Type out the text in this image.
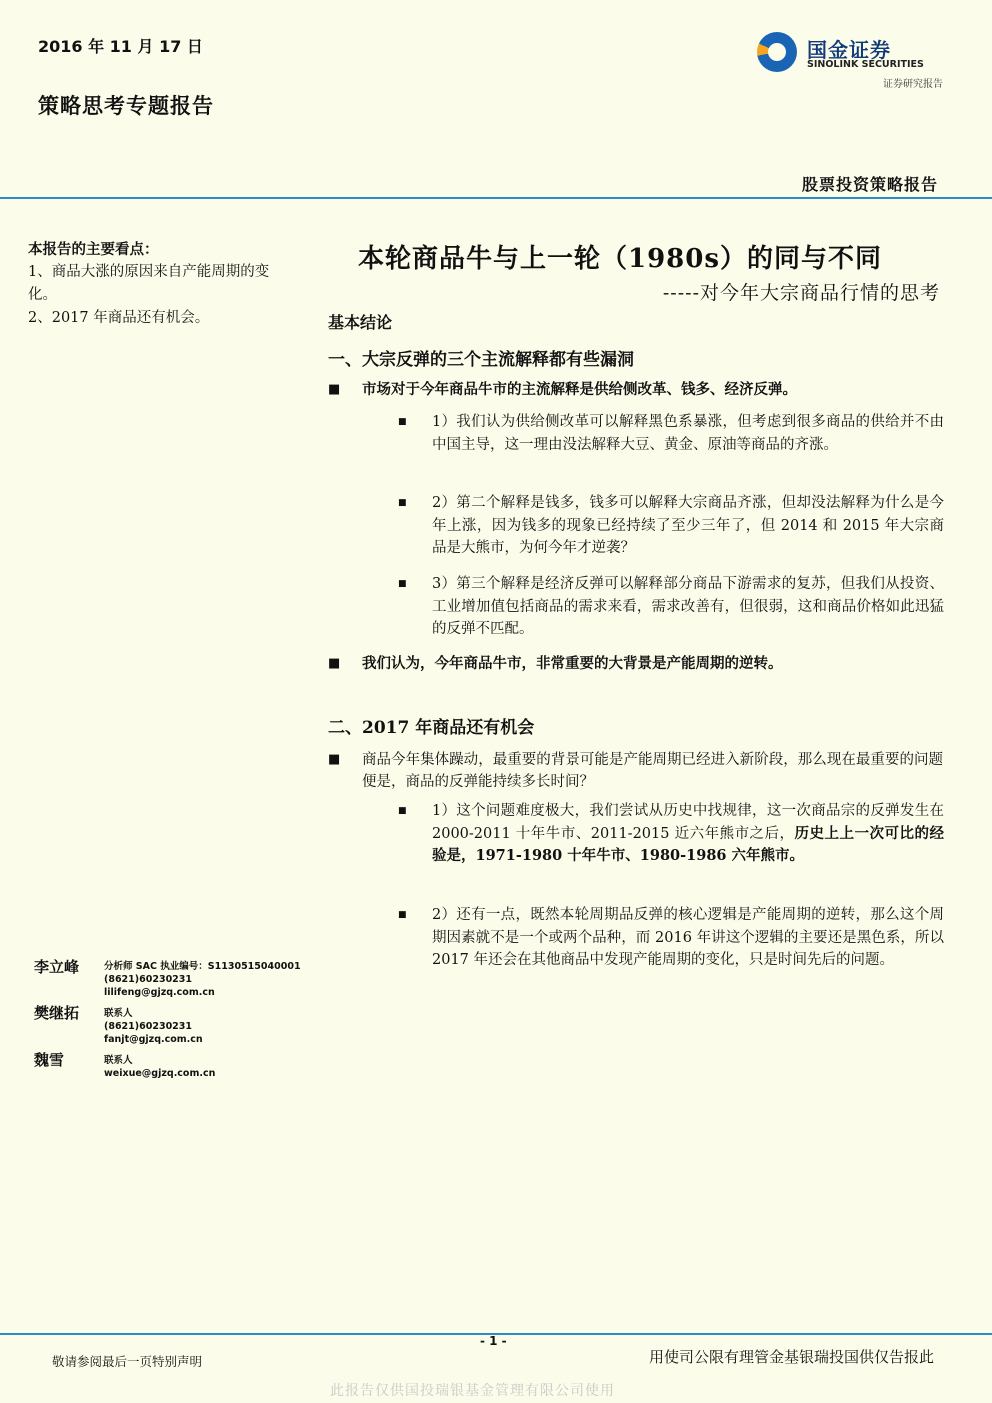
2016 年 11 月 17 日
策略思考专题报告
国金证券
SINOLINK SECURITIES
证券研究报告
股票投资策略报告
本报告的主要看点：
1、商品大涨的原因来自产能周期的变化。
2、2017 年商品还有机会。
本轮商品牛与上一轮（1980s）的同与不同
-----对今年大宗商品行情的思考
基本结论
一、大宗反弹的三个主流解释都有些漏洞
■ 市场对于今年商品牛市的主流解释是供给侧改革、钱多、经济反弹。
■ 1）我们认为供给侧改革可以解释黑色系暴涨，但考虑到很多商品的供给并不由中国主导，这一理由没法解释大豆、黄金、原油等商品的齐涨。
■ 2）第二个解释是钱多，钱多可以解释大宗商品齐涨，但却没法解释为什么是今年上涨，因为钱多的现象已经持续了至少三年了，但 2014 和 2015 年大宗商品是大熊市，为何今年才逆袭？
■ 3）第三个解释是经济反弹可以解释部分商品下游需求的复苏，但我们从投资、工业增加值包括商品的需求来看，需求改善有，但很弱，这和商品价格如此迅猛的反弹不匹配。
■ 我们认为，今年商品牛市，非常重要的大背景是产能周期的逆转。
二、2017 年商品还有机会
■ 商品今年集体躁动，最重要的背景可能是产能周期已经进入新阶段，那么现在最重要的问题便是，商品的反弹能持续多长时间？
■ 1）这个问题难度极大，我们尝试从历史中找规律，这一次商品宗的反弹发生在 2000-2011 十年牛市、2011-2015 近六年熊市之后，历史上上一次可比的经验是，1971-1980 十年牛市、1980-1986 六年熊市。
■ 2）还有一点，既然本轮周期品反弹的核心逻辑是产能周期的逆转，那么这个周期因素就不是一个或两个品种，而 2016 年讲这个逻辑的主要还是黑色系，所以 2017 年还会在其他商品中发现产能周期的变化，只是时间先后的问题。
李立峰	分析师 SAC 执业编号：S1130515040001
(8621)60230231
lilifeng@gjzq.com.cn
樊继拓	联系人
(8621)60230231
fanjt@gjzq.com.cn
魏雪	联系人
weixue@gjzq.com.cn
- 1 -
敬请参阅最后一页特别声明	用使司公限有理管金基银瑞投国供仅告报此
此报告仅供国投瑞银基金管理有限公司使用
